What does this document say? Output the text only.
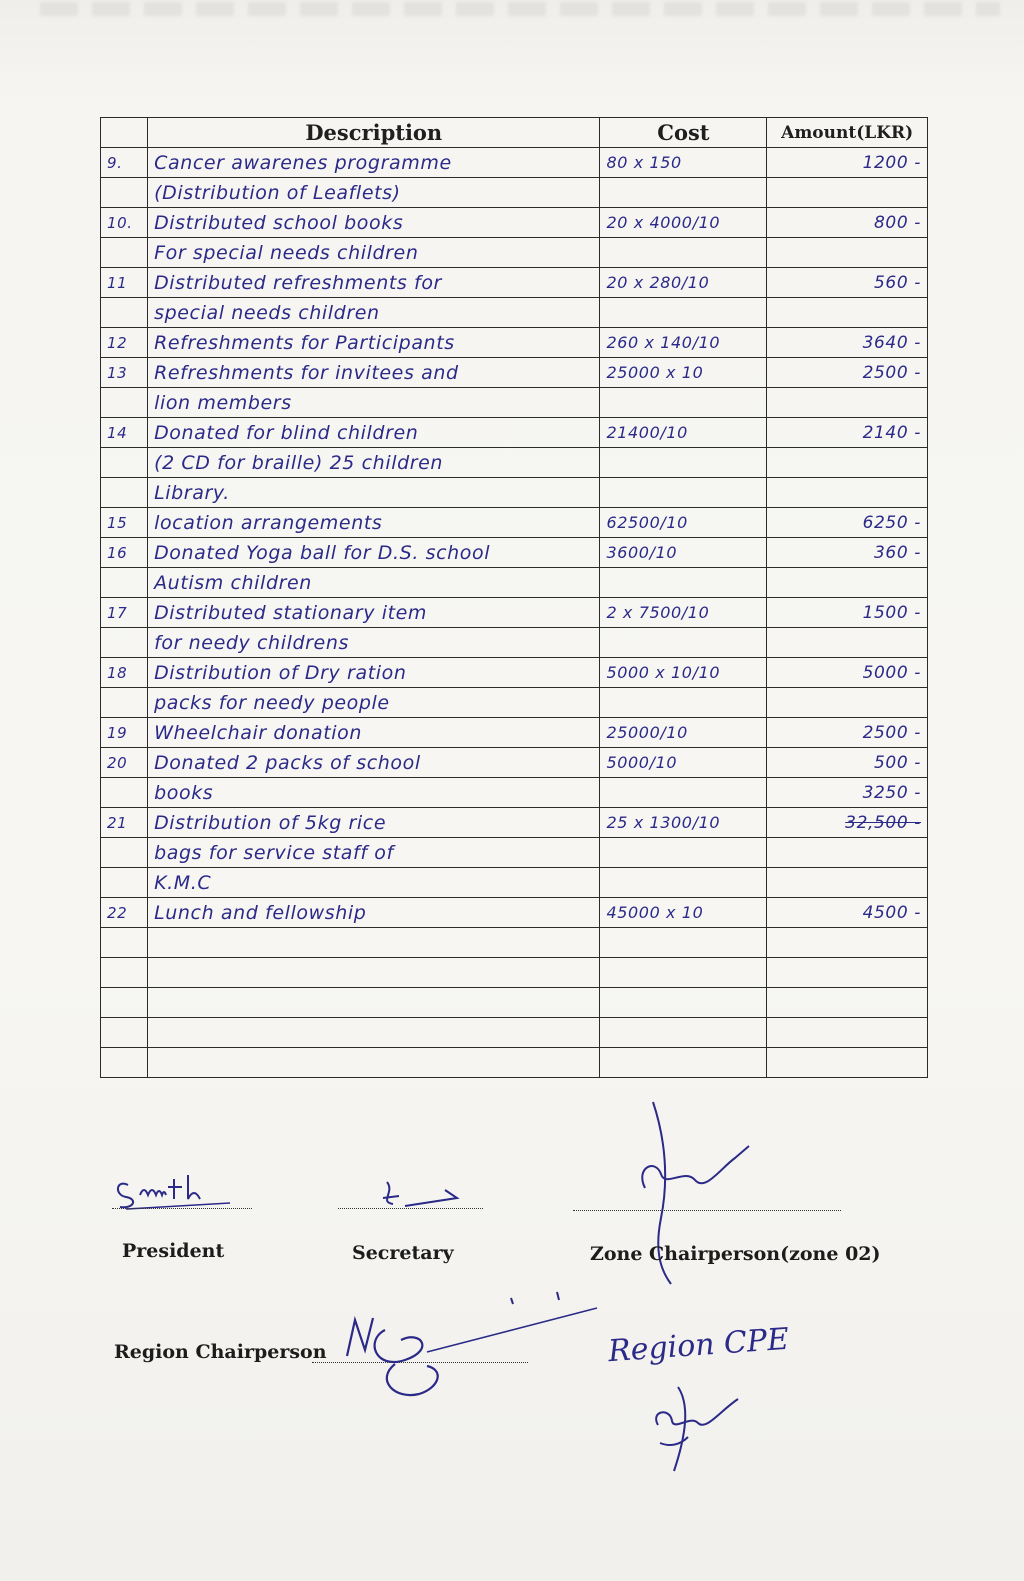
	Description	Cost	Amount(LKR)
9.	Cancer awarenes programme	80 x 150	1200 -
	(Distribution of Leaflets)		
10.	Distributed school books	20 x 4000/10	800 -
	For special needs children		
11	Distributed refreshments for	20 x 280/10	560 -
	special needs children		
12	Refreshments for Participants	260 x 140/10	3640 -
13	Refreshments for invitees and	25000 x 10	2500 -
	lion members		
14	Donated for blind children	21400/10	2140 -
	(2 CD for braille) 25 children		
	Library.		
15	location arrangements	62500/10	6250 -
16	Donated Yoga ball for D.S. school	3600/10	360 -
	Autism children		
17	Distributed stationary item	2 x 7500/10	1500 -
	for needy childrens		
18	Distribution of Dry ration	5000 x 10/10	5000 -
	packs for needy people		
19	Wheelchair donation	25000/10	2500 -
20	Donated 2 packs of school	5000/10	500 -
	books		3250 -
21	Distribution of 5kg rice	25 x 1300/10	32,500 -
	bags for service staff of		
	K.M.C		
22	Lunch and fellowship	45000 x 10	4500 -

President	Secretary	Zone Chairperson(zone 02)
Region Chairperson	Region CPE
